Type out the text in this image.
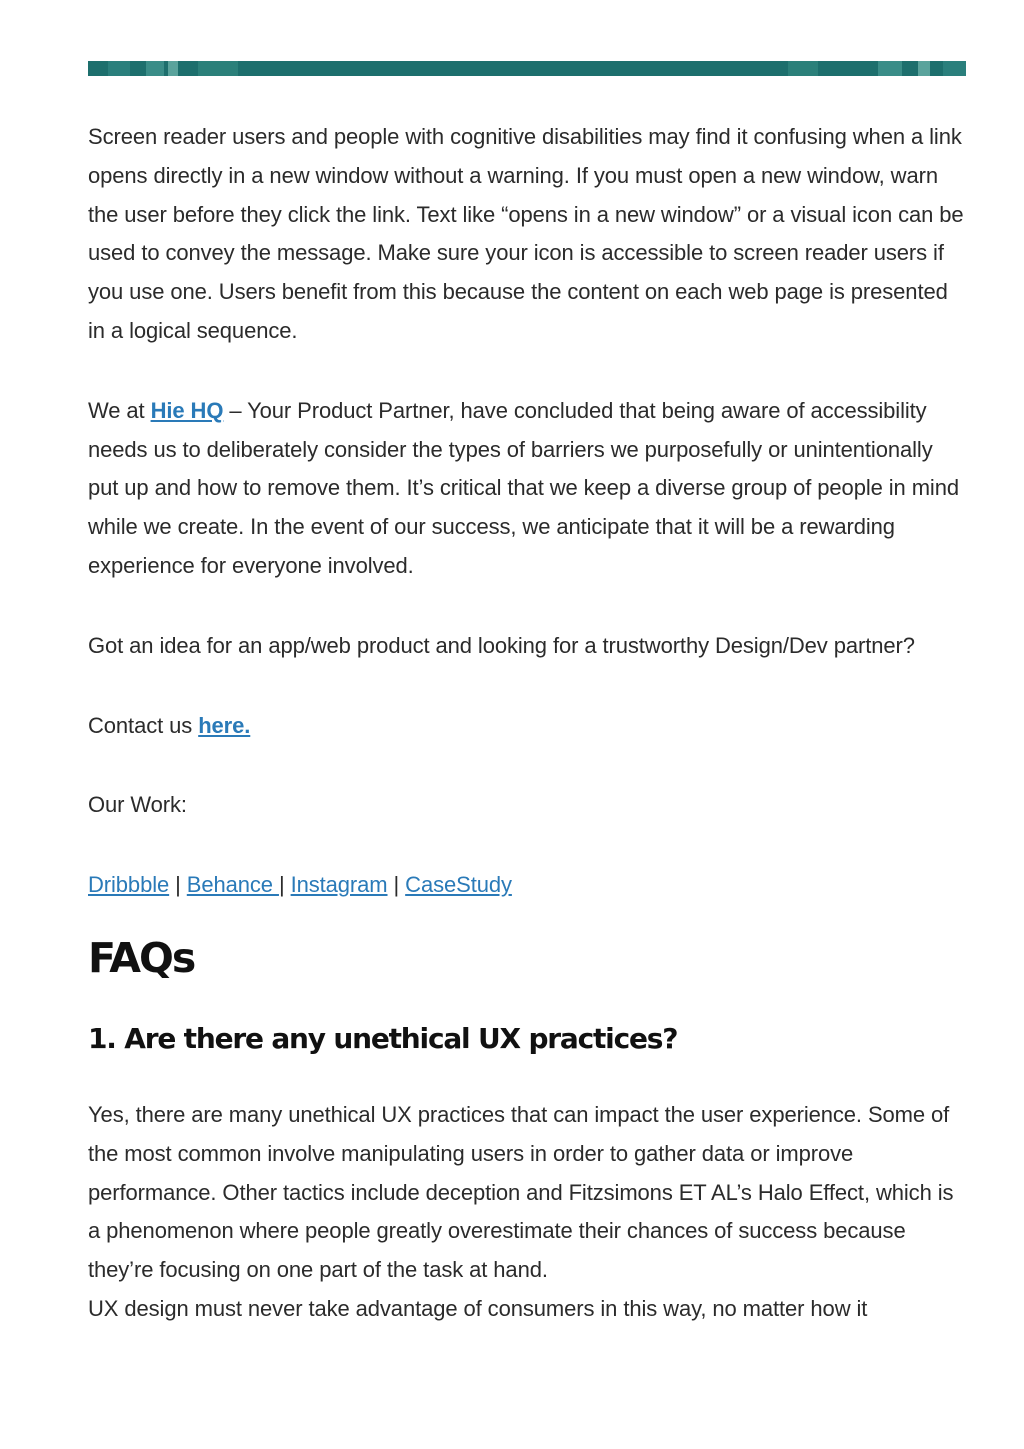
Screen reader users and people with cognitive disabilities may find it confusing when a link opens directly in a new window without a warning. If you must open a new window, warn the user before they click the link. Text like “opens in a new window” or a visual icon can be used to convey the message. Make sure your icon is accessible to screen reader users if you use one. Users benefit from this because the content on each web page is presented in a logical sequence.

We at Hie HQ – Your Product Partner, have concluded that being aware of accessibility needs us to deliberately consider the types of barriers we purposefully or unintentionally put up and how to remove them. It’s critical that we keep a diverse group of people in mind while we create. In the event of our success, we anticipate that it will be a rewarding experience for everyone involved.

Got an idea for an app/web product and looking for a trustworthy Design/Dev partner?

Contact us here.

Our Work:

Dribbble | Behance | Instagram | CaseStudy

FAQs
1. Are there any unethical UX practices?

Yes, there are many unethical UX practices that can impact the user experience. Some of the most common involve manipulating users in order to gather data or improve performance. Other tactics include deception and Fitzsimons ET AL’s Halo Effect, which is a phenomenon where people greatly overestimate their chances of success because they’re focusing on one part of the task at hand.

UX design must never take advantage of consumers in this way, no matter how it
